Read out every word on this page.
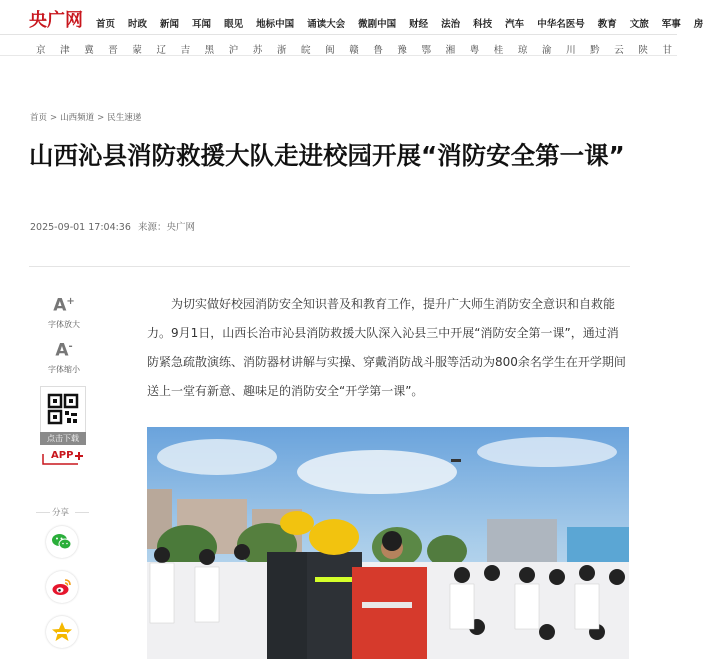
央广网 首页 时政 新闻 耳闻 眼见 地标中国 诵读大会 微剧中国 财经 法治 科技 汽车 中华名医号 教育 文旅 军事 房
京 津 冀 晋 蒙 辽 吉 黑 沪 苏 浙 皖 闽 赣 鲁 豫 鄂 湘 粤 桂 琼 渝 川 黔 云 陕 甘
首页 > 山西频道 > 民生速递
山西沁县消防救援大队走进校园开展“消防安全第一课”
2025-09-01 17:04:36 来源：央广网
A+
字体放大
A-
字体缩小
点击下载
APP
分享
为切实做好校园消防安全知识普及和教育工作，提升广大师生消防安全意识和自救能力。9月1日，山西长治市沁县消防救援大队深入沁县三中开展“消防安全第一课”，通过消防紧急疏散演练、消防器材讲解与实操、穿戴消防战斗服等活动为800余名学生在开学期间送上一堂有新意、趣味足的消防安全“开学第一课”。
